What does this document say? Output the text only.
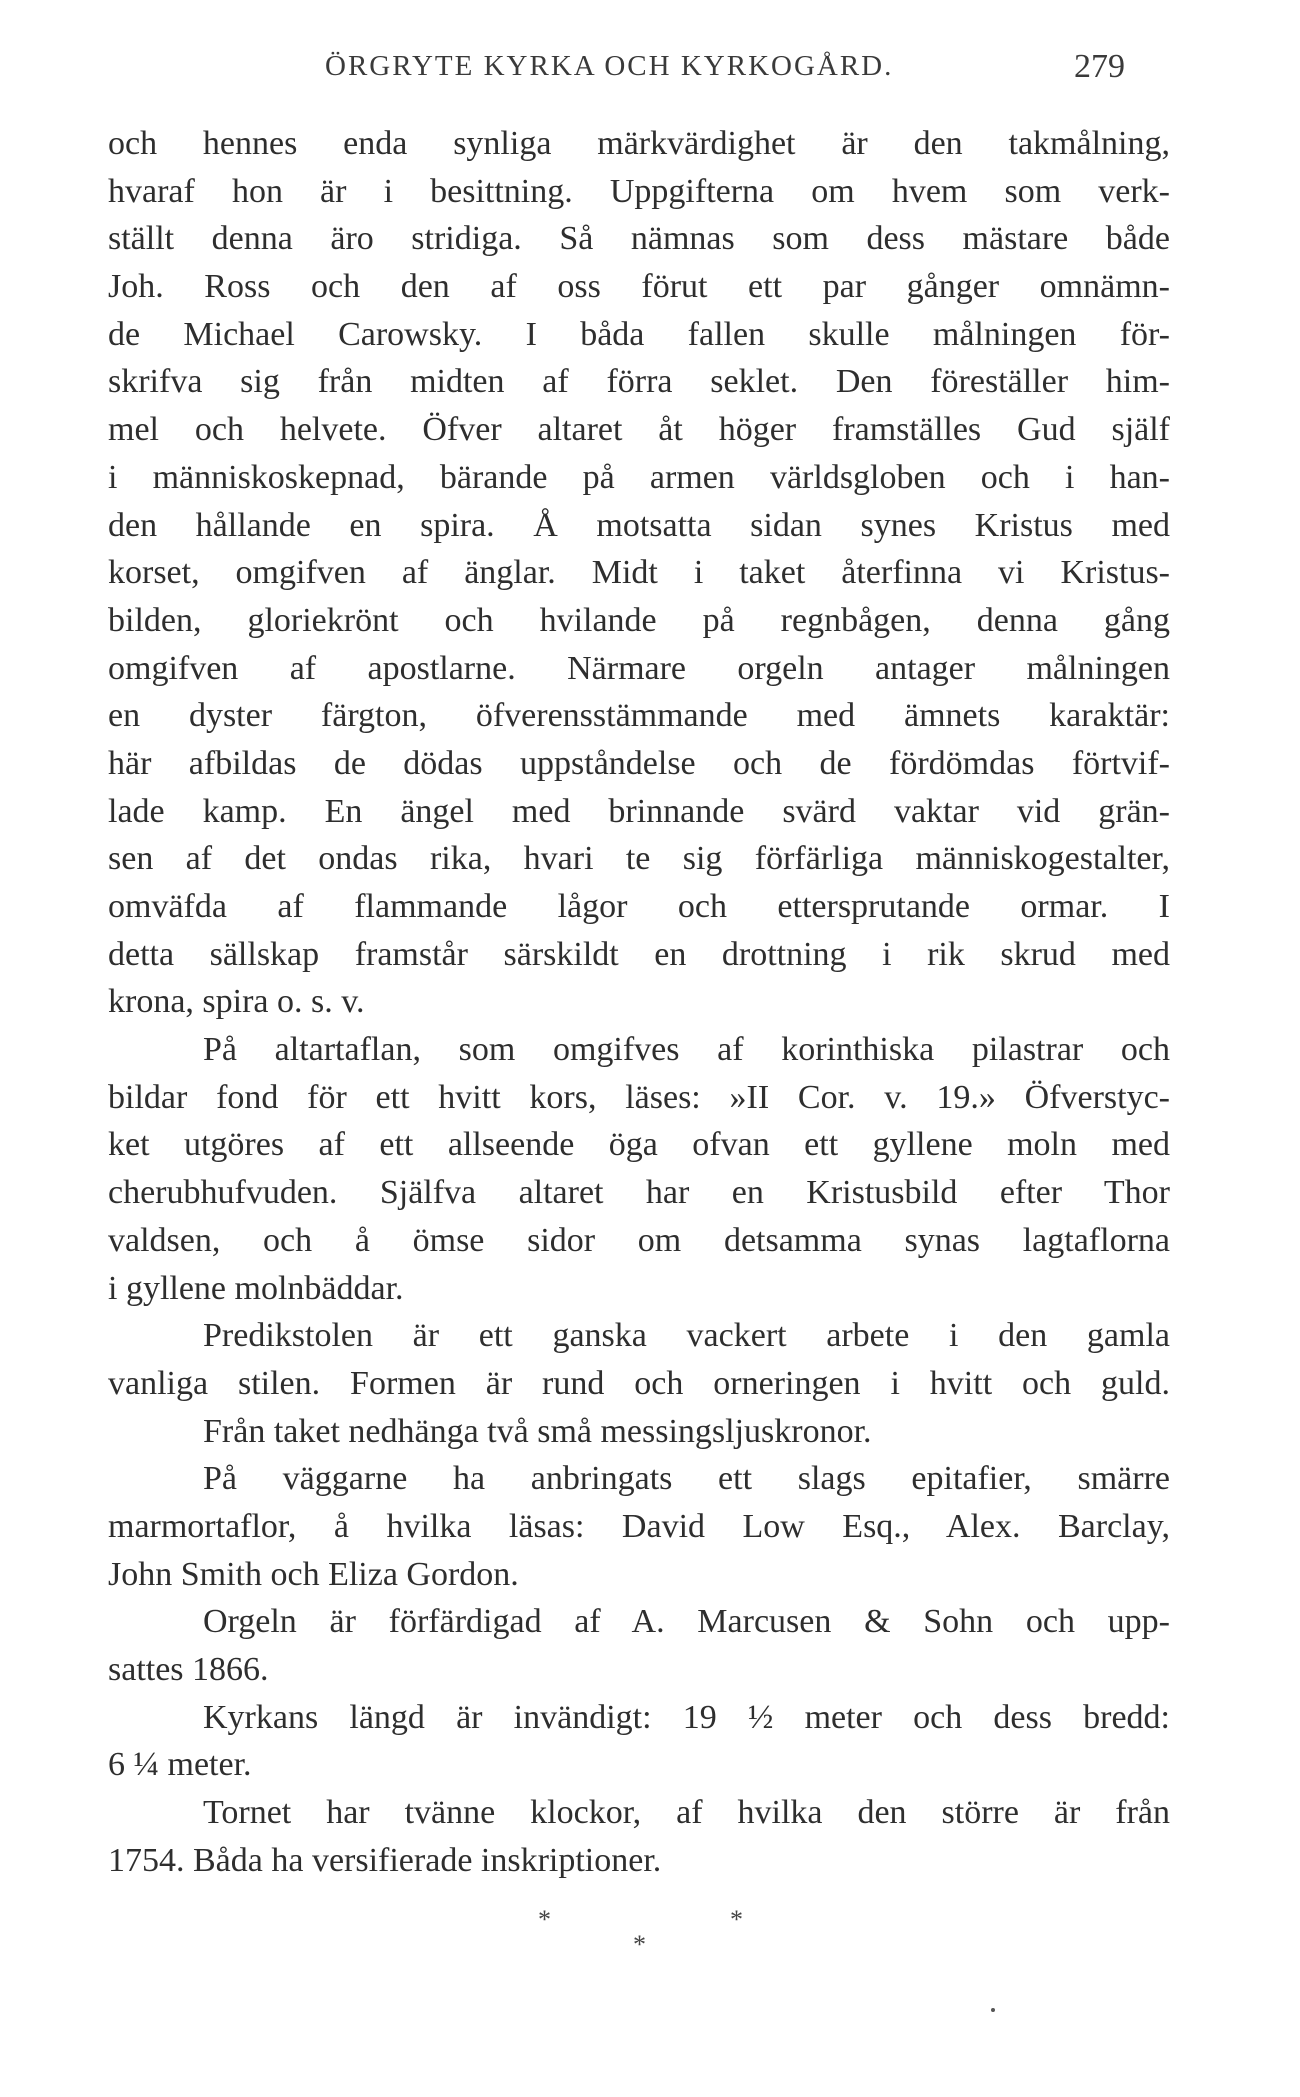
ÖRGRYTE KYRKA OCH KYRKOGÅRD.	279
och hennes enda synliga märkvärdighet är den takmålning,
hvaraf hon är i besittning. Uppgifterna om hvem som verk-
ställt denna äro stridiga. Så nämnas som dess mästare både
Joh. Ross och den af oss förut ett par gånger omnämn-
de Michael Carowsky. I båda fallen skulle målningen för-
skrifva sig från midten af förra seklet. Den föreställer him-
mel och helvete. Öfver altaret åt höger framställes Gud själf
i människoskepnad, bärande på armen världsgloben och i han-
den hållande en spira. Å motsatta sidan synes Kristus med
korset, omgifven af änglar. Midt i taket återfinna vi Kristus-
bilden, gloriekrönt och hvilande på regnbågen, denna gång
omgifven af apostlarne. Närmare orgeln antager målningen
en dyster färgton, öfverensstämmande med ämnets karaktär:
här afbildas de dödas uppståndelse och de fördömdas förtvif-
lade kamp. En ängel med brinnande svärd vaktar vid grän-
sen af det ondas rika, hvari te sig förfärliga människogestalter,
omväfda af flammande lågor och ettersprutande ormar. I
detta sällskap framstår särskildt en drottning i rik skrud med
krona, spira o. s. v.
På altartaflan, som omgifves af korinthiska pilastrar och
bildar fond för ett hvitt kors, läses: »II Cor. v. 19.» Öfverstyc-
ket utgöres af ett allseende öga ofvan ett gyllene moln med
cherubhufvuden. Själfva altaret har en Kristusbild efter Thor
valdsen, och å ömse sidor om detsamma synas lagtaflorna
i gyllene molnbäddar.
Predikstolen är ett ganska vackert arbete i den gamla
vanliga stilen. Formen är rund och orneringen i hvitt och guld.
Från taket nedhänga två små messingsljuskronor.
På väggarne ha anbringats ett slags epitafier, smärre
marmortaflor, å hvilka läsas: David Low Esq., Alex. Barclay,
John Smith och Eliza Gordon.
Orgeln är förfärdigad af A. Marcusen & Sohn och upp-
sattes 1866.
Kyrkans längd är invändigt: 19 ½ meter och dess bredd:
6 ¼ meter.
Tornet har tvänne klockor, af hvilka den större är från
1754. Båda ha versifierade inskriptioner.
*	*
*
